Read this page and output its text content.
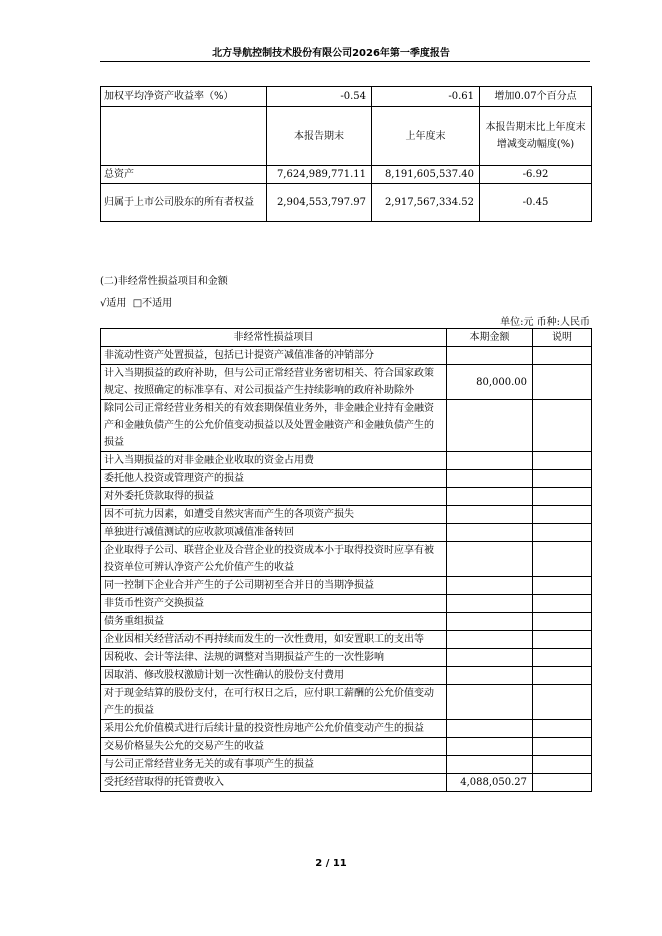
北方导航控制技术股份有限公司2026年第一季度报告
加权平均净资产收益率（%）	-0.54	-0.61	增加0.07个百分点
	本报告期末	上年度末	本报告期末比上年度末增减变动幅度(%)
总资产	7,624,989,771.11	8,191,605,537.40	-6.92
归属于上市公司股东的所有者权益	2,904,553,797.97	2,917,567,334.52	-0.45
(二)非经常性损益项目和金额
√适用 □不适用
单位:元 币种:人民币
非经常性损益项目	本期金额	说明
非流动性资产处置损益，包括已计提资产减值准备的冲销部分		
计入当期损益的政府补助，但与公司正常经营业务密切相关、符合国家政策规定、按照确定的标准享有、对公司损益产生持续影响的政府补助除外	80,000.00	
除同公司正常经营业务相关的有效套期保值业务外，非金融企业持有金融资产和金融负债产生的公允价值变动损益以及处置金融资产和金融负债产生的损益		
计入当期损益的对非金融企业收取的资金占用费		
委托他人投资或管理资产的损益		
对外委托贷款取得的损益		
因不可抗力因素，如遭受自然灾害而产生的各项资产损失		
单独进行减值测试的应收款项减值准备转回		
企业取得子公司、联营企业及合营企业的投资成本小于取得投资时应享有被投资单位可辨认净资产公允价值产生的收益		
同一控制下企业合并产生的子公司期初至合并日的当期净损益		
非货币性资产交换损益		
债务重组损益		
企业因相关经营活动不再持续而发生的一次性费用，如安置职工的支出等		
因税收、会计等法律、法规的调整对当期损益产生的一次性影响		
因取消、修改股权激励计划一次性确认的股份支付费用		
对于现金结算的股份支付，在可行权日之后，应付职工薪酬的公允价值变动产生的损益		
采用公允价值模式进行后续计量的投资性房地产公允价值变动产生的损益		
交易价格显失公允的交易产生的收益		
与公司正常经营业务无关的或有事项产生的损益		
受托经营取得的托管费收入	4,088,050.27	
2 / 11
